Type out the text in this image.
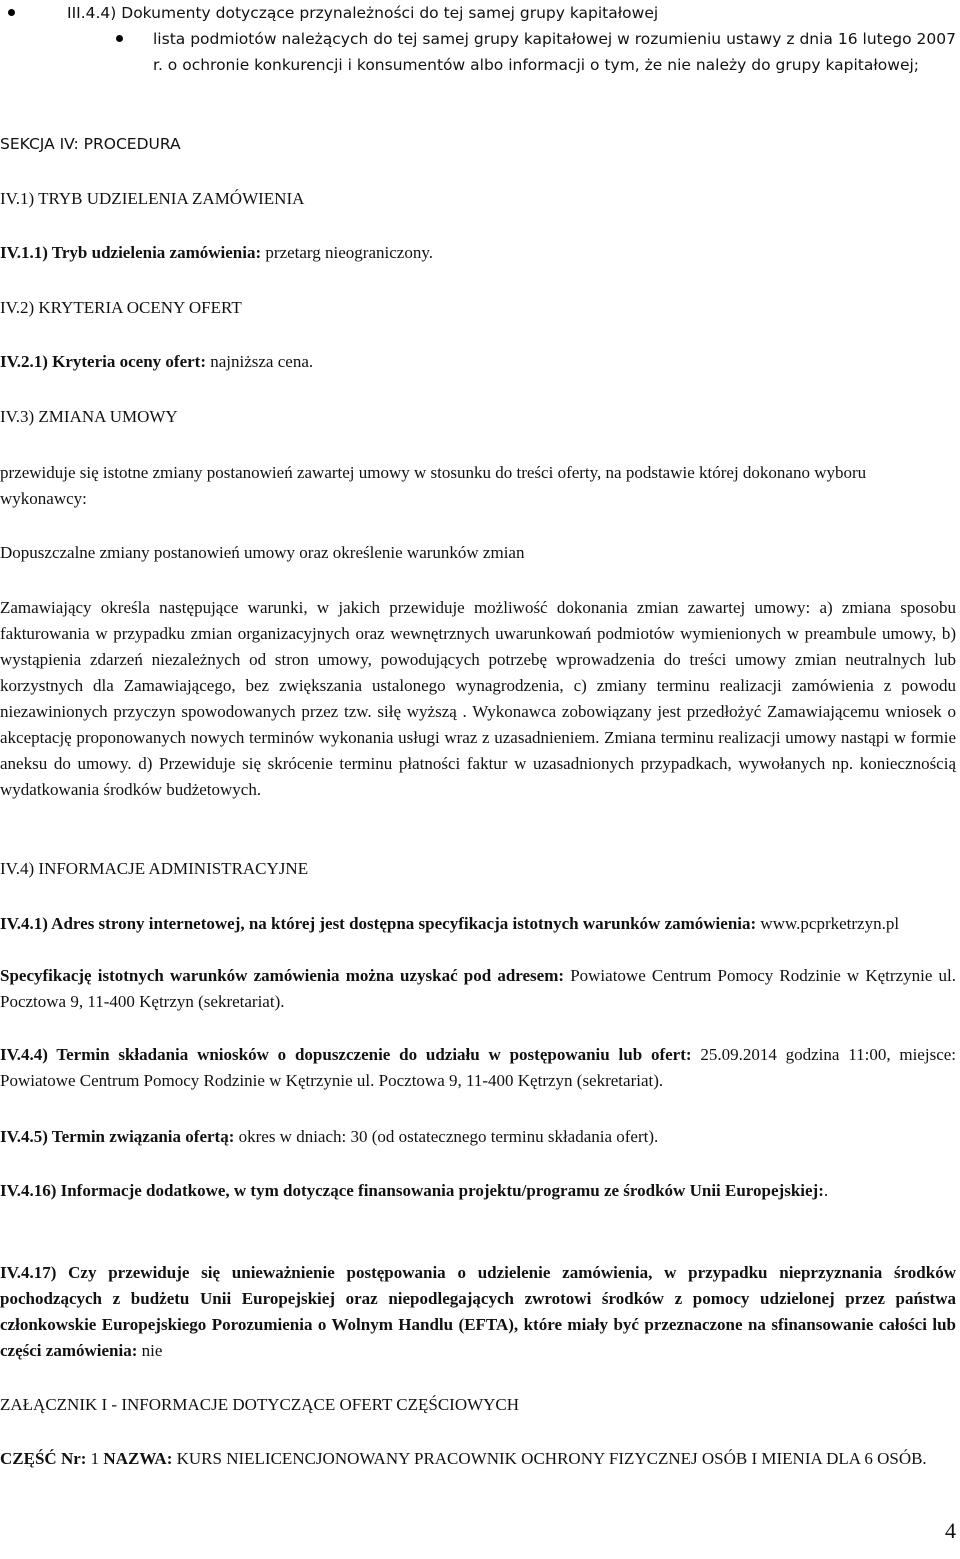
III.4.4) Dokumenty dotyczące przynależności do tej samej grupy kapitałowej
lista podmiotów należących do tej samej grupy kapitałowej w rozumieniu ustawy z dnia 16 lutego 2007 r. o ochronie konkurencji i konsumentów albo informacji o tym, że nie należy do grupy kapitałowej;
SEKCJA IV: PROCEDURA
IV.1) TRYB UDZIELENIA ZAMÓWIENIA
IV.1.1) Tryb udzielenia zamówienia: przetarg nieograniczony.
IV.2) KRYTERIA OCENY OFERT
IV.2.1) Kryteria oceny ofert: najniższa cena.
IV.3) ZMIANA UMOWY
przewiduje się istotne zmiany postanowień zawartej umowy w stosunku do treści oferty, na podstawie której dokonano wyboru wykonawcy:
Dopuszczalne zmiany postanowień umowy oraz określenie warunków zmian
Zamawiający określa następujące warunki, w jakich przewiduje możliwość dokonania zmian zawartej umowy: a) zmiana sposobu fakturowania w przypadku zmian organizacyjnych oraz wewnętrznych uwarunkowań podmiotów wymienionych w preambule umowy, b) wystąpienia zdarzeń niezależnych od stron umowy, powodujących potrzebę wprowadzenia do treści umowy zmian neutralnych lub korzystnych dla Zamawiającego, bez zwiększania ustalonego wynagrodzenia, c) zmiany terminu realizacji zamówienia z powodu niezawinionych przyczyn spowodowanych przez tzw. siłę wyższą . Wykonawca zobowiązany jest przedłożyć Zamawiającemu wniosek o akceptację proponowanych nowych terminów wykonania usługi wraz z uzasadnieniem. Zmiana terminu realizacji umowy nastąpi w formie aneksu do umowy. d) Przewiduje się skrócenie terminu płatności faktur w uzasadnionych przypadkach, wywołanych np. koniecznością wydatkowania środków budżetowych.
IV.4) INFORMACJE ADMINISTRACYJNE
IV.4.1) Adres strony internetowej, na której jest dostępna specyfikacja istotnych warunków zamówienia: www.pcprketrzyn.pl
Specyfikację istotnych warunków zamówienia można uzyskać pod adresem: Powiatowe Centrum Pomocy Rodzinie w Kętrzynie ul. Pocztowa 9, 11-400 Kętrzyn (sekretariat).
IV.4.4) Termin składania wniosków o dopuszczenie do udziału w postępowaniu lub ofert: 25.09.2014 godzina 11:00, miejsce: Powiatowe Centrum Pomocy Rodzinie w Kętrzynie ul. Pocztowa 9, 11-400 Kętrzyn (sekretariat).
IV.4.5) Termin związania ofertą: okres w dniach: 30 (od ostatecznego terminu składania ofert).
IV.4.16) Informacje dodatkowe, w tym dotyczące finansowania projektu/programu ze środków Unii Europejskiej:.
IV.4.17) Czy przewiduje się unieważnienie postępowania o udzielenie zamówienia, w przypadku nieprzyznania środków pochodzących z budżetu Unii Europejskiej oraz niepodlegających zwrotowi środków z pomocy udzielonej przez państwa członkowskie Europejskiego Porozumienia o Wolnym Handlu (EFTA), które miały być przeznaczone na sfinansowanie całości lub części zamówienia: nie
ZAŁĄCZNIK I - INFORMACJE DOTYCZĄCE OFERT CZĘŚCIOWYCH
CZĘŚĆ Nr: 1 NAZWA: KURS NIELICENCJONOWANY PRACOWNIK OCHRONY FIZYCZNEJ OSÓB I MIENIA DLA 6 OSÓB.
4
